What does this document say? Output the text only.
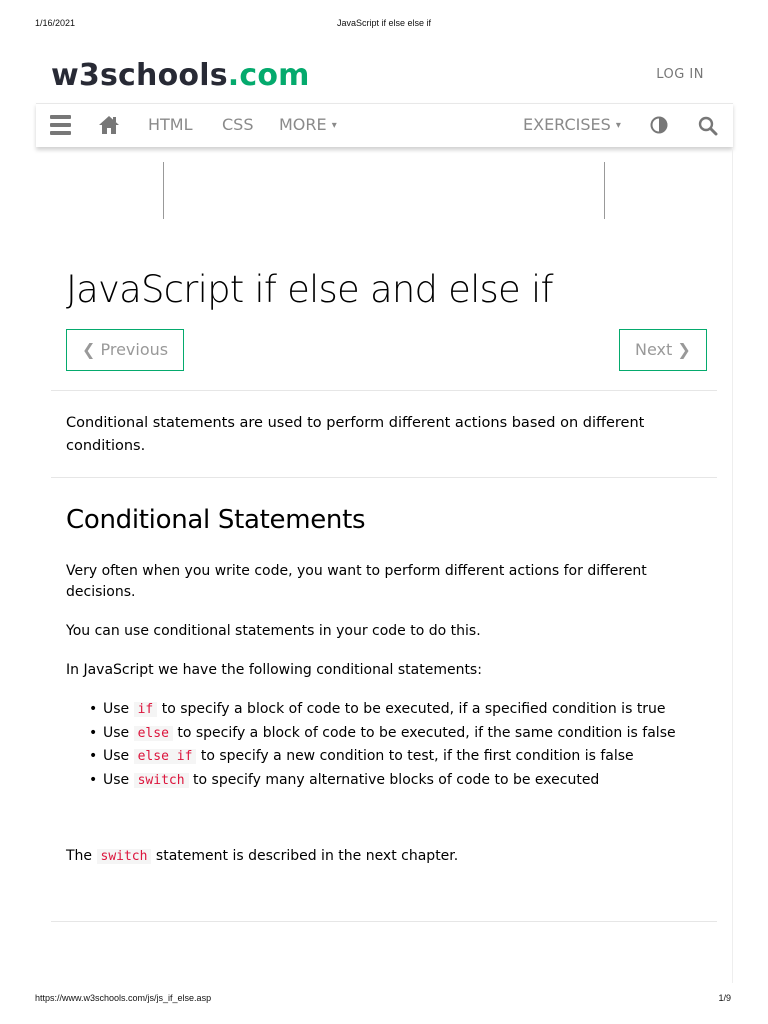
1/16/2021	JavaScript if else else if
w3schools.com	LOG IN
HTML CSS MORE ▾	EXERCISES ▾
JavaScript if else and else if
❮ Previous	Next ❯

Conditional statements are used to perform different actions based on different conditions.

Conditional Statements

Very often when you write code, you want to perform different actions for different decisions.

You can use conditional statements in your code to do this.

In JavaScript we have the following conditional statements:

• Use if to specify a block of code to be executed, if a specified condition is true
• Use else to specify a block of code to be executed, if the same condition is false
• Use else if to specify a new condition to test, if the first condition is false
• Use switch to specify many alternative blocks of code to be executed

The switch statement is described in the next chapter.

https://www.w3schools.com/js/js_if_else.asp	1/9
